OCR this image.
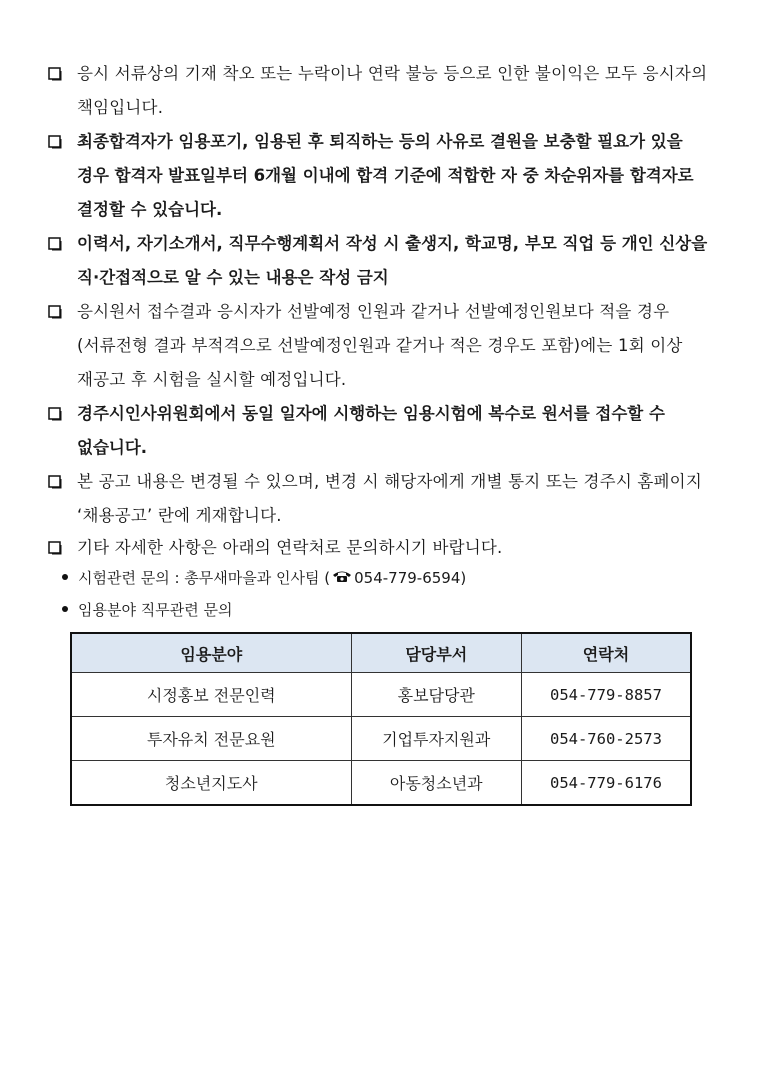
응시 서류상의 기재 착오 또는 누락이나 연락 불능 등으로 인한 불이익은 모두 응시자의 책임입니다.
최종합격자가 임용포기, 임용된 후 퇴직하는 등의 사유로 결원을 보충할 필요가 있을 경우 합격자 발표일부터 6개월 이내에 합격 기준에 적합한 자 중 차순위자를 합격자로 결정할 수 있습니다.
이력서, 자기소개서, 직무수행계획서 작성 시 출생지, 학교명, 부모 직업 등 개인 신상을 직·간접적으로 알 수 있는 내용은 작성 금지
응시원서 접수결과 응시자가 선발예정 인원과 같거나 선발예정인원보다 적을 경우(서류전형 결과 부적격으로 선발예정인원과 같거나 적은 경우도 포함)에는 1회 이상 재공고 후 시험을 실시할 예정입니다.
경주시인사위원회에서 동일 일자에 시행하는 임용시험에 복수로 원서를 접수할 수 없습니다.
본 공고 내용은 변경될 수 있으며, 변경 시 해당자에게 개별 통지 또는 경주시 홈페이지 ‘채용공고’ 란에 게재합니다.
기타 자세한 사항은 아래의 연락처로 문의하시기 바랍니다.
시험관련 문의 : 총무새마을과 인사팀 ( 054-779-6594)
임용분야 직무관련 문의
임용분야	담당부서	연락처
시정홍보 전문인력	홍보담당관	054-779-8857
투자유치 전문요원	기업투자지원과	054-760-2573
청소년지도사	아동청소년과	054-779-6176
